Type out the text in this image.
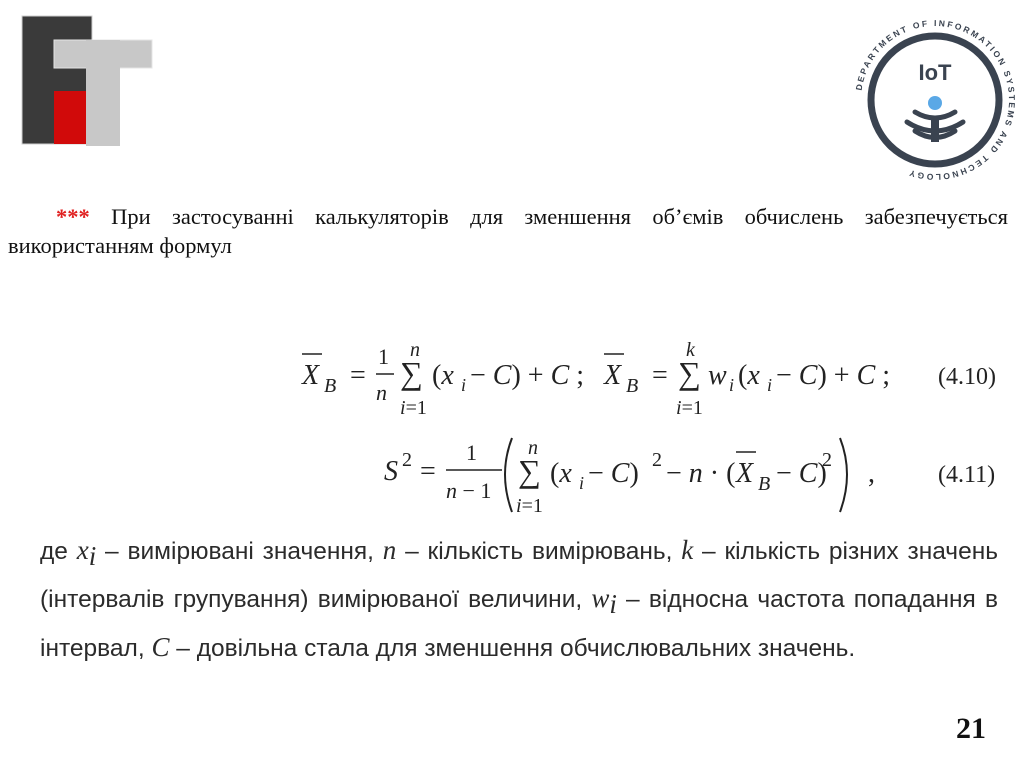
DEPARTMENT OF INFORMATION SYSTEMS AND TECHNOLOGY
IoT
*** При застосуванні калькуляторів для зменшення об’ємів обчислень забезпечується використанням формул
X B =
1
n
n
∑
i=1
(x i − C) + C ; X B =
k
∑
i=1
w i (x i − C) + C ; (4.10)
S 2 =
1
n − 1
n
∑
i=1
(x i − C) 2 − n · ( X B − C)
2 ,	(4.11)
де $x_i$ – вимірювані значення, n – кількість вимірювань, k – кількість різних значень (інтервалів групування) вимірюваної величини, $w_i$ – відносна частота попадання в інтервал, C – довільна стала для зменшення обчислювальних значень.
21
